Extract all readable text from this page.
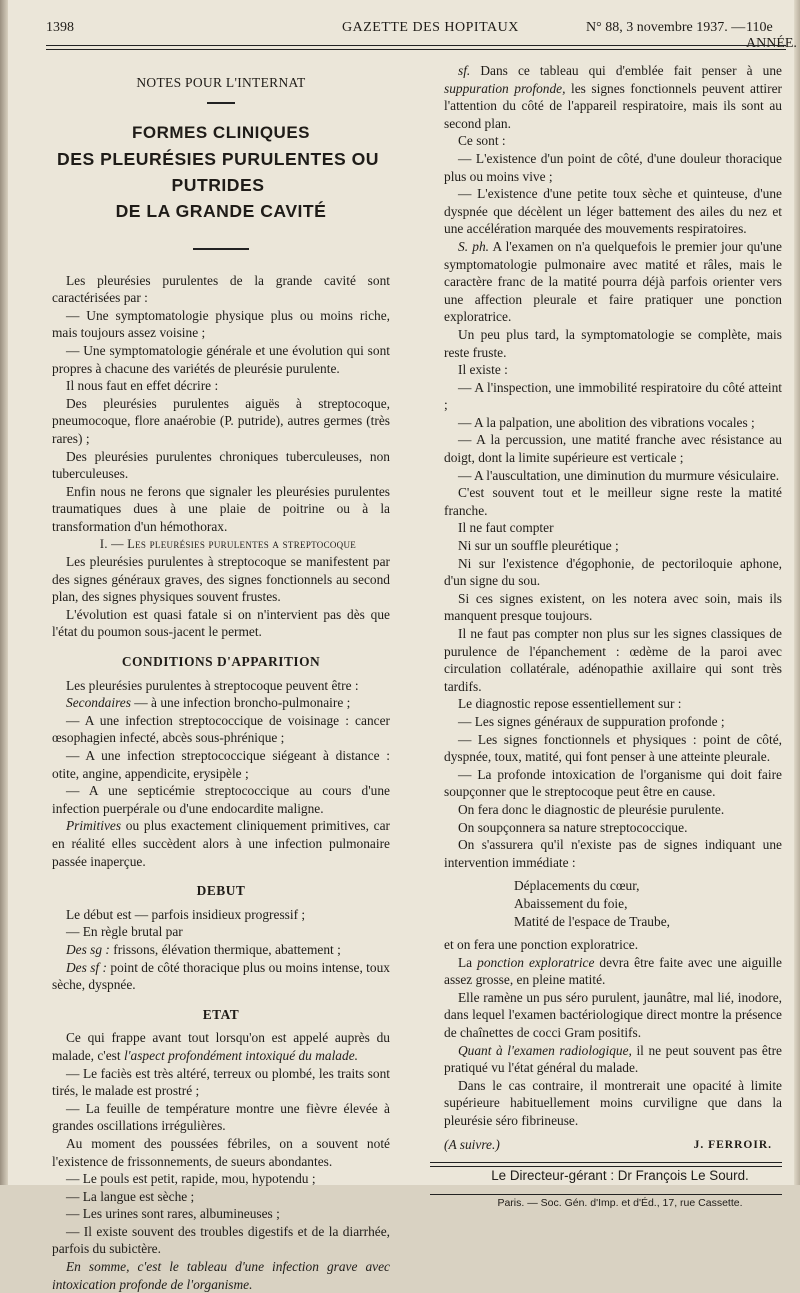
1398	GAZETTE DES HOPITAUX	N° 88, 3 novembre 1937. — 110e ANNÉE.
NOTES POUR L'INTERNAT
FORMES CLINIQUES
DES PLEURÉSIES PURULENTES OU PUTRIDES
DE LA GRANDE CAVITÉ

Les pleurésies purulentes de la grande cavité sont caractérisées par :

— Une symptomatologie physique plus ou moins riche, mais toujours assez voisine ;

— Une symptomatologie générale et une évolution qui sont propres à chacune des variétés de pleurésie purulente.

Il nous faut en effet décrire :

Des pleurésies purulentes aiguës à streptocoque, pneumocoque, flore anaérobie (P. putride), autres germes (très rares) ;

Des pleurésies purulentes chroniques tuberculeuses, non tuberculeuses.

Enfin nous ne ferons que signaler les pleurésies purulentes traumatiques dues à une plaie de poitrine ou à la transformation d'un hémothorax.

I. — Les pleurésies purulentes a streptocoque

Les pleurésies purulentes à streptocoque se manifestent par des signes généraux graves, des signes fonctionnels au second plan, des signes physiques souvent frustes.

L'évolution est quasi fatale si on n'intervient pas dès que l'état du poumon sous-jacent le permet.

CONDITIONS D'APPARITION

Les pleurésies purulentes à streptocoque peuvent être :

Secondaires — à une infection broncho-pulmonaire ;

— A une infection streptococcique de voisinage : cancer œsophagien infecté, abcès sous-phrénique ;

— A une infection streptococcique siégeant à distance : otite, angine, appendicite, erysipèle ;

— A une septicémie streptococcique au cours d'une infection puerpérale ou d'une endocardite maligne.

Primitives ou plus exactement cliniquement primitives, car en réalité elles succèdent alors à une infection pulmonaire passée inaperçue.

DEBUT

Le début est — parfois insidieux progressif ;

— En règle brutal par

Des sg : frissons, élévation thermique, abattement ;

Des sf : point de côté thoracique plus ou moins intense, toux sèche, dyspnée.

ETAT

Ce qui frappe avant tout lorsqu'on est appelé auprès du malade, c'est l'aspect profondément intoxiqué du malade.

— Le faciès est très altéré, terreux ou plombé, les traits sont tirés, le malade est prostré ;

— La feuille de température montre une fièvre élevée à grandes oscillations irrégulières.

Au moment des poussées fébriles, on a souvent noté l'existence de frissonnements, de sueurs abondantes.

— Le pouls est petit, rapide, mou, hypotendu ;

— La langue est sèche ;

— Les urines sont rares, albumineuses ;

— Il existe souvent des troubles digestifs et de la diarrhée, parfois du subictère.

En somme, c'est le tableau d'une infection grave avec intoxication profonde de l'organisme.

sf. Dans ce tableau qui d'emblée fait penser à une suppuration profonde, les signes fonctionnels peuvent attirer l'attention du côté de l'appareil respiratoire, mais ils sont au second plan.

Ce sont :

— L'existence d'un point de côté, d'une douleur thoracique plus ou moins vive ;

— L'existence d'une petite toux sèche et quinteuse, d'une dyspnée que décèlent un léger battement des ailes du nez et une accélération marquée des mouvements respiratoires.

S. ph. A l'examen on n'a quelquefois le premier jour qu'une symptomatologie pulmonaire avec matité et râles, mais le caractère franc de la matité pourra déjà parfois orienter vers une affection pleurale et faire pratiquer une ponction exploratrice.

Un peu plus tard, la symptomatologie se complète, mais reste fruste.

Il existe :

— A l'inspection, une immobilité respiratoire du côté atteint ;

— A la palpation, une abolition des vibrations vocales ;

— A la percussion, une matité franche avec résistance au doigt, dont la limite supérieure est verticale ;

— A l'auscultation, une diminution du murmure vésiculaire.

C'est souvent tout et le meilleur signe reste la matité franche.

Il ne faut compter

Ni sur un souffle pleurétique ;

Ni sur l'existence d'égophonie, de pectoriloquie aphone, d'un signe du sou.

Si ces signes existent, on les notera avec soin, mais ils manquent presque toujours.

Il ne faut pas compter non plus sur les signes classiques de purulence de l'épanchement : œdème de la paroi avec circulation collatérale, adénopathie axillaire qui sont très tardifs.

Le diagnostic repose essentiellement sur :

— Les signes généraux de suppuration profonde ;

— Les signes fonctionnels et physiques : point de côté, dyspnée, toux, matité, qui font penser à une atteinte pleurale.

— La profonde intoxication de l'organisme qui doit faire soupçonner que le streptocoque peut être en cause.

On fera donc le diagnostic de pleurésie purulente.

On soupçonnera sa nature streptococcique.

On s'assurera qu'il n'existe pas de signes indiquant une intervention immédiate :

Déplacements du cœur,

Abaissement du foie,

Matité de l'espace de Traube,

et on fera une ponction exploratrice.

La ponction exploratrice devra être faite avec une aiguille assez grosse, en pleine matité.

Elle ramène un pus séro purulent, jaunâtre, mal lié, inodore, dans lequel l'examen bactériologique direct montre la présence de chaînettes de cocci Gram positifs.

Quant à l'examen radiologique, il ne peut souvent pas être pratiqué vu l'état général du malade.

Dans le cas contraire, il montrerait une opacité à limite supérieure habituellement moins curviligne que dans la pleurésie séro fibrineuse.

(A suivre.)	J. FERROIR.

Le Directeur-gérant : Dr François Le Sourd.

Paris. — Soc. Gén. d'Imp. et d'Éd., 17, rue Cassette.
